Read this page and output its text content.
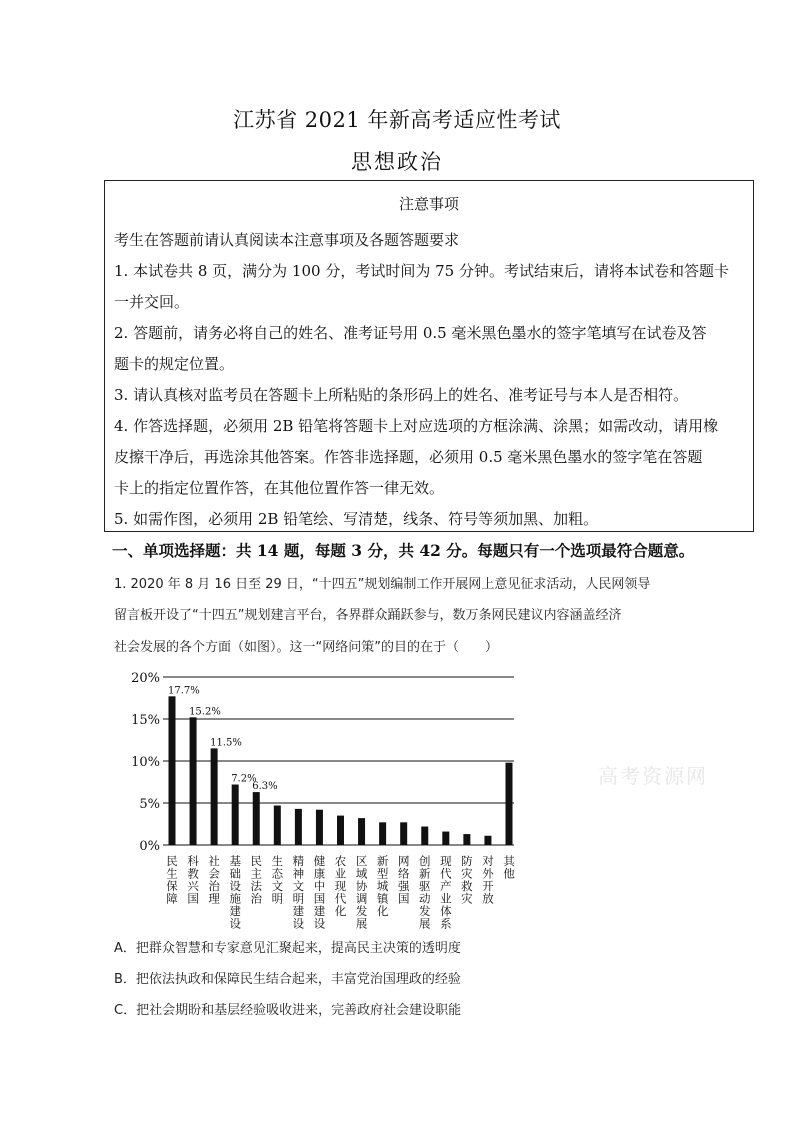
江苏省 2021 年新高考适应性考试
思想政治
注意事项
考生在答题前请认真阅读本注意事项及各题答题要求
1. 本试卷共 8 页，满分为 100 分，考试时间为 75 分钟。考试结束后，请将本试卷和答题卡
一并交回。
2. 答题前，请务必将自己的姓名、准考证号用 0.5 毫米黑色墨水的签字笔填写在试卷及答
题卡的规定位置。
3. 请认真核对监考员在答题卡上所粘贴的条形码上的姓名、准考证号与本人是否相符。
4. 作答选择题，必须用 2B 铅笔将答题卡上对应选项的方框涂满、涂黑；如需改动，请用橡
皮擦干净后，再选涂其他答案。作答非选择题，必须用 0.5 毫米黑色墨水的签字笔在答题
卡上的指定位置作答，在其他位置作答一律无效。
5. 如需作图，必须用 2B 铅笔绘、写清楚，线条、符号等须加黑、加粗。
一、单项选择题：共 14 题，每题 3 分，共 42 分。每题只有一个选项最符合题意。
1. 2020 年 8 月 16 日至 29 日，“十四五”规划编制工作开展网上意见征求活动，人民网领导
留言板开设了“十四五”规划建言平台，各界群众踊跃参与，数万条网民建议内容涵盖经济
社会发展的各个方面（如图）。这一“网络问策”的目的在于（　　）
0%
5%
10%
15%
20%
17.7%
民生保障
15.2%
科教兴国
11.5%
社会治理
7.2%
基础设施建设
6.3%
民主法治
生态文明
精神文明建设
健康中国建设
农业现代化
区域协调发展
新型城镇化
网络强国
创新驱动发展
现代产业体系
防灾救灾
对外开放
其他
高考资源网
A．把群众智慧和专家意见汇聚起来，提高民主决策的透明度
B．把依法执政和保障民生结合起来，丰富党治国理政的经验
C．把社会期盼和基层经验吸收进来，完善政府社会建设职能
